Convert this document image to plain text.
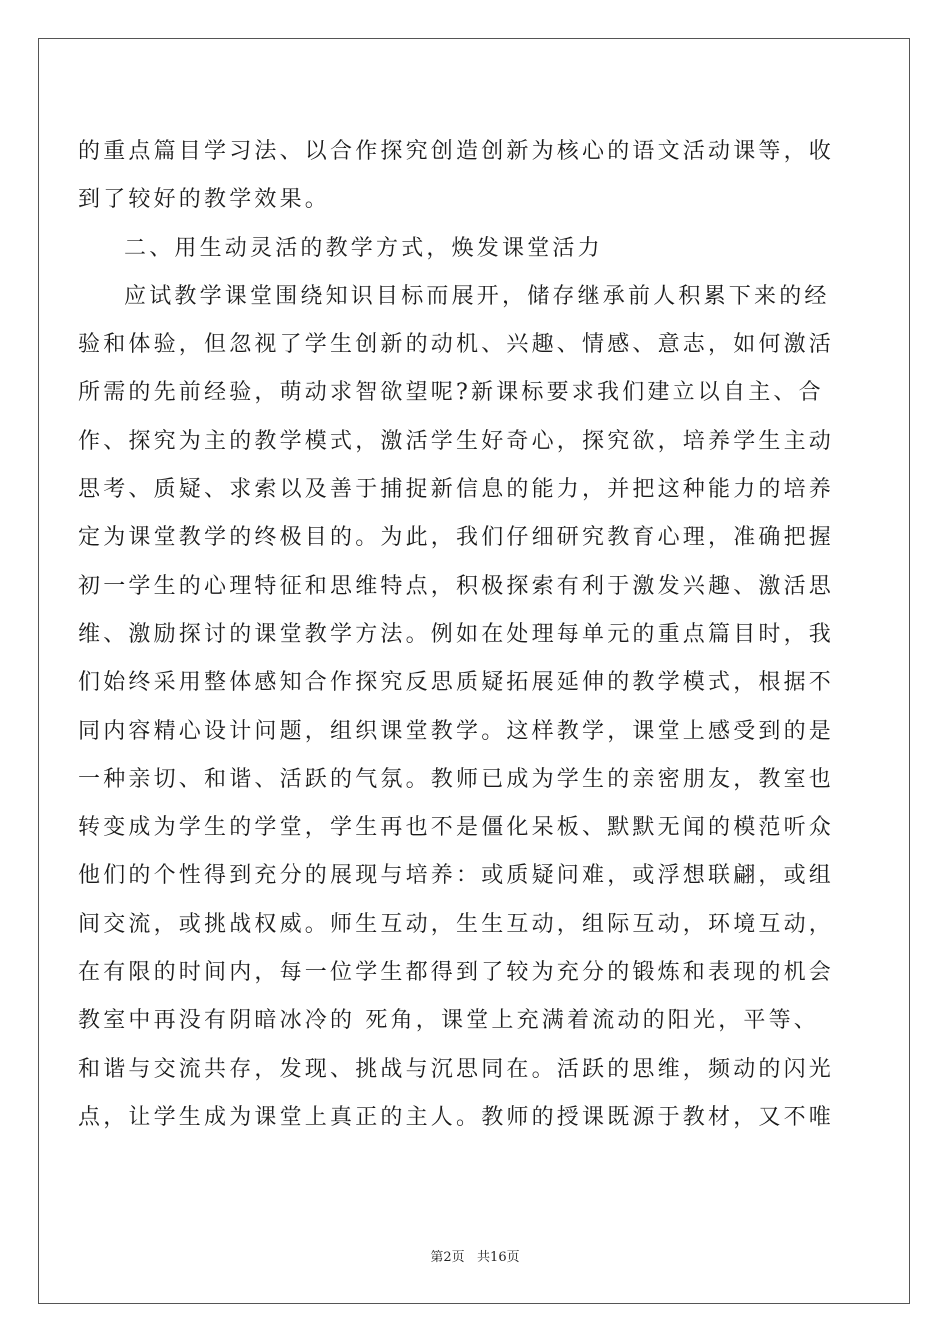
的重点篇目学习法、以合作探究创造创新为核心的语文活动课等，收
到了较好的教学效果。
二、用生动灵活的教学方式，焕发课堂活力
应试教学课堂围绕知识目标而展开，储存继承前人积累下来的经
验和体验，但忽视了学生创新的动机、兴趣、情感、意志，如何激活
所需的先前经验，萌动求智欲望呢?新课标要求我们建立以自主、合
作、探究为主的教学模式，激活学生好奇心，探究欲，培养学生主动
思考、质疑、求索以及善于捕捉新信息的能力，并把这种能力的培养
定为课堂教学的终极目的。为此，我们仔细研究教育心理，准确把握
初一学生的心理特征和思维特点，积极探索有利于激发兴趣、激活思
维、激励探讨的课堂教学方法。例如在处理每单元的重点篇目时，我
们始终采用整体感知合作探究反思质疑拓展延伸的教学模式，根据不
同内容精心设计问题，组织课堂教学。这样教学，课堂上感受到的是
一种亲切、和谐、活跃的气氛。教师已成为学生的亲密朋友，教室也
转变成为学生的学堂，学生再也不是僵化呆板、默默无闻的模范听众
他们的个性得到充分的展现与培养：或质疑问难，或浮想联翩，或组
间交流，或挑战权威。师生互动，生生互动，组际互动，环境互动，
在有限的时间内，每一位学生都得到了较为充分的锻炼和表现的机会
教室中再没有阴暗冰冷的 死角，课堂上充满着流动的阳光，平等、
和谐与交流共存，发现、挑战与沉思同在。活跃的思维，频动的闪光
点，让学生成为课堂上真正的主人。教师的授课既源于教材，又不唯
第2页   共16页
